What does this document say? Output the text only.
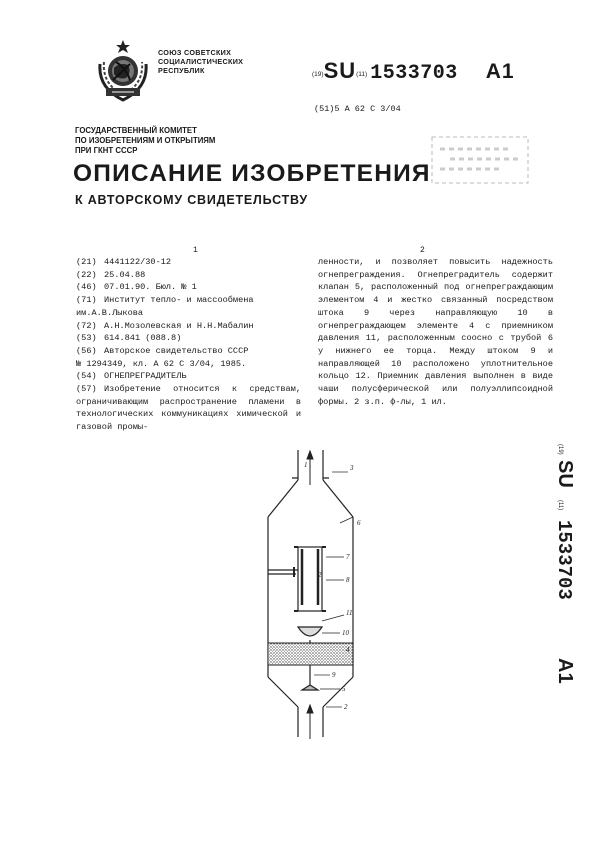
СОЮЗ СОВЕТСКИХ
СОЦИАЛИСТИЧЕСКИХ
РЕСПУБЛИК	(19)SU(11) 1533703 A1
(51)5 А 62 С 3/04
ГОСУДАРСТВЕННЫЙ КОМИТЕТ
ПО ИЗОБРЕТЕНИЯМ И ОТКРЫТИЯМ
ПРИ ГКНТ СССР
ОПИСАНИЕ ИЗОБРЕТЕНИЯ
К АВТОРСКОМУ СВИДЕТЕЛЬСТВУ
1	2
(21) 4441122/30-12
(22) 25.04.88
(46) 07.01.90. Бюл. № 1
(71) Институт тепло- и массообмена
им.А.В.Лыкова
(72) А.Н.Мозолевская и Н.Н.Мабалин
(53) 614.841 (088.8)
(56) Авторское свидетельство СССР
№ 1294349, кл. А 62 С 3/04, 1985.
(54) ОГНЕПРЕГРАДИТЕЛЬ
(57) Изобретение относится к средствам, ограничивающим распространение пламени в технологических коммуникациях химической и газовой промы-
ленности, и позволяет повысить надежность огнепреграждения. Огнепреградитель содержит клапан 5, расположенный под огнепреграждающим элементом 4 и жестко связанный посредством штока 9 через направляющую 10 в огнепреграждающем элементе 4 с приемником давления 11, расположенным соосно с трубой 6 у нижнего ее торца. Между штоком 9 и направляющей 10 расположено уплотнительное кольцо 12. Приемник давления выполнен в виде чаши полусферической или полуэллипсоидной формы. 2 з.п. ф-лы, 1 ил.
(19)
SU
(11)
1533703
A1
1	3
6
7
2
8
11
10
4
9
5
2
